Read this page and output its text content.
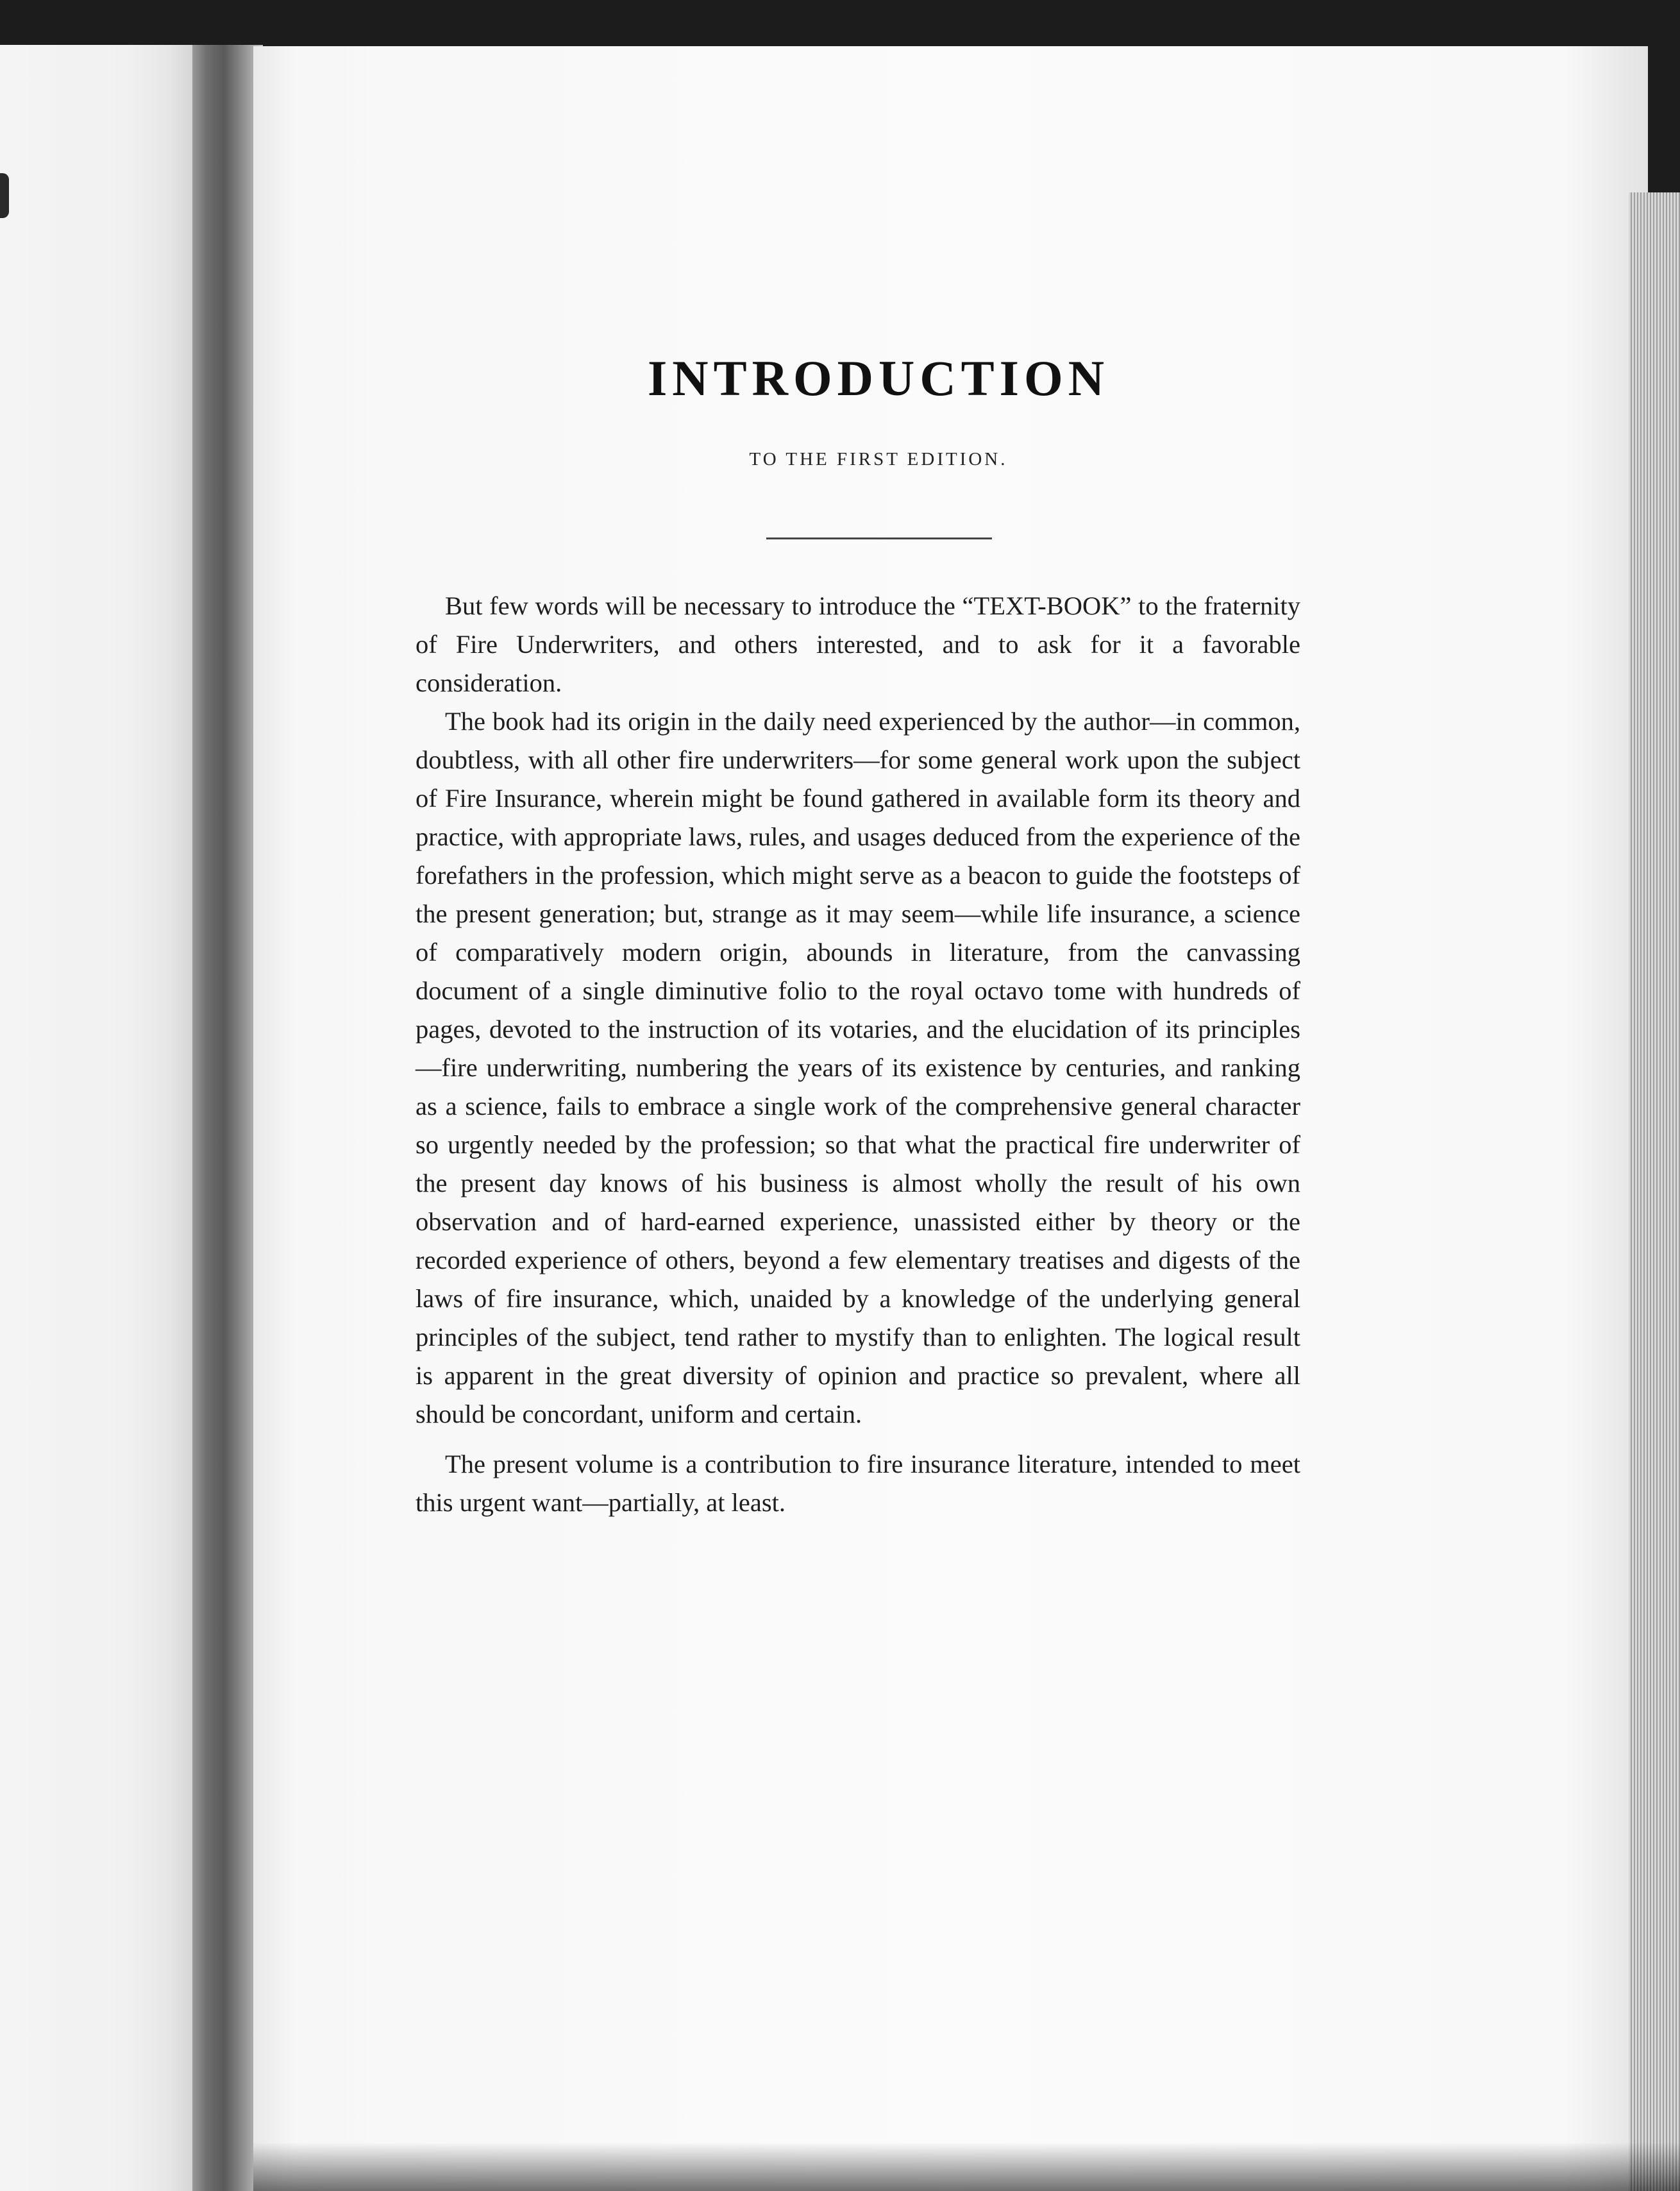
INTRODUCTION
TO THE FIRST EDITION.

But few words will be necessary to introduce the “TEXT-BOOK” to the fraternity of Fire Underwriters, and others interested, and to ask for it a favorable consideration.

The book had its origin in the daily need experienced by the author—in common, doubtless, with all other fire underwriters—for some general work upon the subject of Fire Insurance, wherein might be found gathered in available form its theory and practice, with appropriate laws, rules, and usages deduced from the experience of the forefathers in the profession, which might serve as a beacon to guide the footsteps of the present generation; but, strange as it may seem—while life insurance, a science of comparatively modern origin, abounds in literature, from the canvassing document of a single diminutive folio to the royal octavo tome with hundreds of pages, devoted to the instruction of its votaries, and the elucidation of its principles—fire underwriting, numbering the years of its existence by centuries, and ranking as a science, fails to embrace a single work of the comprehensive general character so urgently needed by the profession; so that what the practical fire underwriter of the present day knows of his business is almost wholly the result of his own observation and of hard-earned experience, unassisted either by theory or the recorded experience of others, beyond a few elementary treatises and digests of the laws of fire insurance, which, unaided by a knowledge of the underlying general principles of the subject, tend rather to mystify than to enlighten. The logical result is apparent in the great diversity of opinion and practice so prevalent, where all should be concordant, uniform and certain.

The present volume is a contribution to fire insurance literature, intended to meet this urgent want—partially, at least.
